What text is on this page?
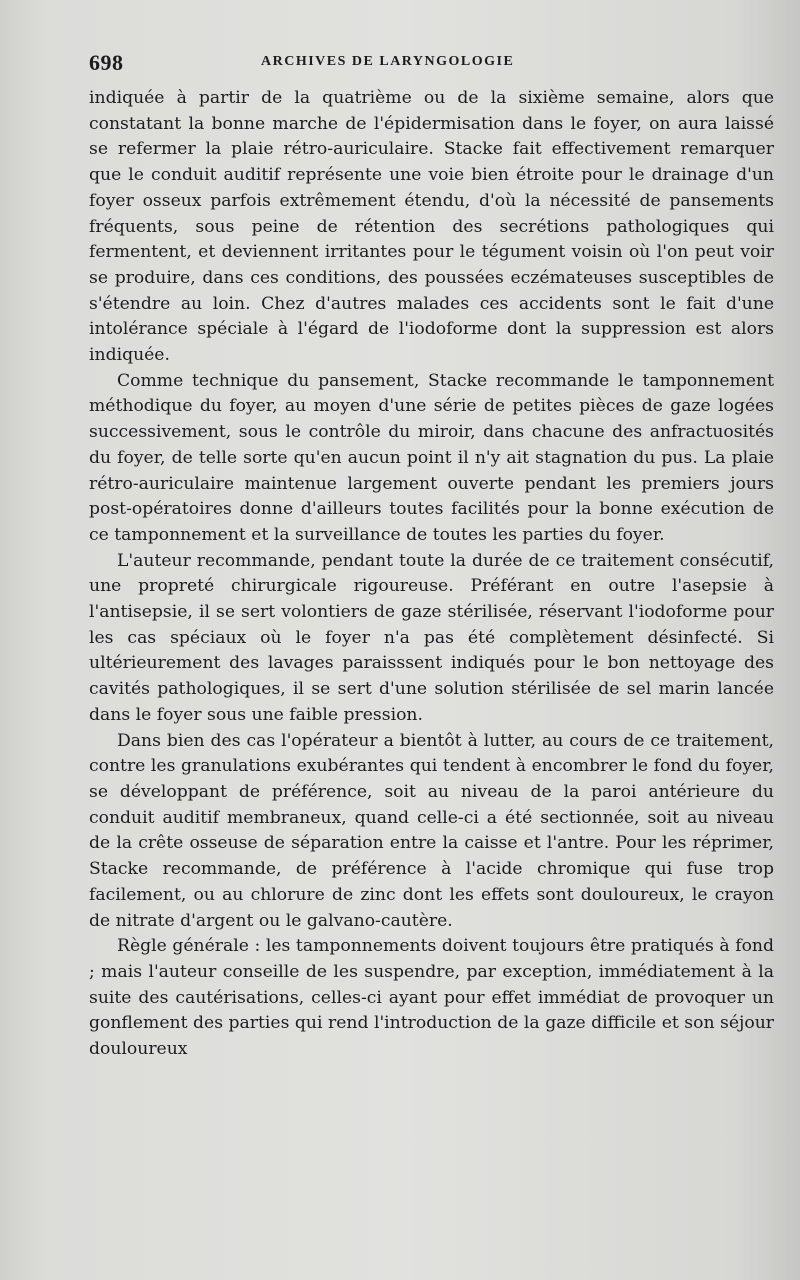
698	ARCHIVES DE LARYNGOLOGIE

indiquée à partir de la quatrième ou de la sixième semaine, alors que constatant la bonne marche de l'épidermisation dans le foyer, on aura laissé se refermer la plaie rétro-auriculaire. Stacke fait effectivement remarquer que le conduit auditif représente une voie bien étroite pour le drainage d'un foyer osseux parfois extrêmement étendu, d'où la nécessité de pansements fréquents, sous peine de rétention des secrétions pathologiques qui fermentent, et deviennent irritantes pour le tégument voisin où l'on peut voir se produire, dans ces conditions, des poussées eczémateuses susceptibles de s'étendre au loin. Chez d'autres malades ces accidents sont le fait d'une intolérance spéciale à l'égard de l'iodoforme dont la suppression est alors indiquée.

Comme technique du pansement, Stacke recommande le tamponnement méthodique du foyer, au moyen d'une série de petites pièces de gaze logées successivement, sous le contrôle du miroir, dans chacune des anfractuosités du foyer, de telle sorte qu'en aucun point il n'y ait stagnation du pus. La plaie rétro-auriculaire maintenue largement ouverte pendant les premiers jours post-opératoires donne d'ailleurs toutes facilités pour la bonne exécution de ce tamponnement et la surveillance de toutes les parties du foyer.

L'auteur recommande, pendant toute la durée de ce traitement consécutif, une propreté chirurgicale rigoureuse. Préférant en outre l'asepsie à l'antisepsie, il se sert volontiers de gaze stérilisée, réservant l'iodoforme pour les cas spéciaux où le foyer n'a pas été complètement désinfecté. Si ultérieurement des lavages paraisssent indiqués pour le bon nettoyage des cavités pathologiques, il se sert d'une solution stérilisée de sel marin lancée dans le foyer sous une faible pression.

Dans bien des cas l'opérateur a bientôt à lutter, au cours de ce traitement, contre les granulations exubérantes qui tendent à encombrer le fond du foyer, se développant de préférence, soit au niveau de la paroi antérieure du conduit auditif membraneux, quand celle-ci a été sectionnée, soit au niveau de la crête osseuse de séparation entre la caisse et l'antre. Pour les réprimer, Stacke recommande, de préférence à l'acide chromique qui fuse trop facilement, ou au chlorure de zinc dont les effets sont douloureux, le crayon de nitrate d'argent ou le galvano-cautère.

Règle générale : les tamponnements doivent toujours être pratiqués à fond ; mais l'auteur conseille de les suspendre, par exception, immédiatement à la suite des cautérisations, celles-ci ayant pour effet immédiat de provoquer un gonflement des parties qui rend l'introduction de la gaze difficile et son séjour douloureux
